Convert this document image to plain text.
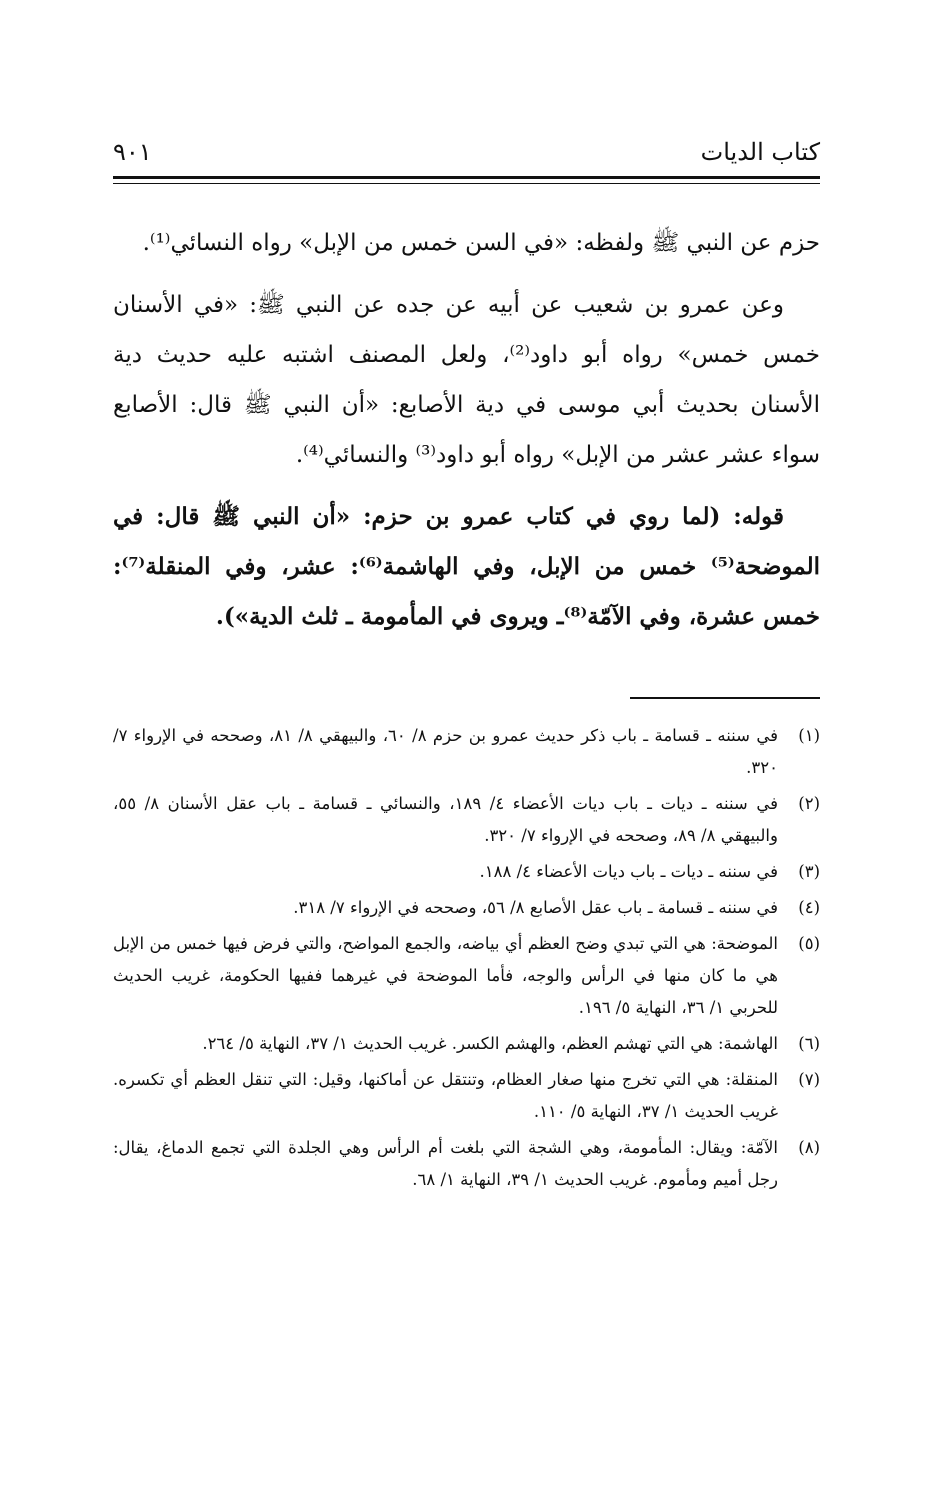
كتاب الديات
٩٠١

حزم عن النبي ﷺ ولفظه: «في السن خمس من الإبل» رواه النسائي⁽¹⁾.

وعن عمرو بن شعيب عن أبيه عن جده عن النبي ﷺ: «في الأسنان خمس خمس» رواه أبو داود⁽²⁾، ولعل المصنف اشتبه عليه حديث دية الأسنان بحديث أبي موسى في دية الأصابع: «أن النبي ﷺ قال: الأصابع سواء عشر عشر من الإبل» رواه أبو داود⁽³⁾ والنسائي⁽⁴⁾.

قوله: (لما روي في كتاب عمرو بن حزم: «أن النبي ﷺ قال: في الموضحة⁽⁵⁾ خمس من الإبل، وفي الهاشمة⁽⁶⁾: عشر، وفي المنقلة⁽⁷⁾: خمس عشرة، وفي الآمّة⁽⁸⁾ـ ويروى في المأمومة ـ ثلث الدية»).

(١)
في سننه ـ قسامة ـ باب ذكر حديث عمرو بن حزم ٨/ ٦٠، والبيهقي ٨/ ٨١، وصححه في الإرواء ٧/ ٣٢٠.
(٢)
في سننه ـ ديات ـ باب ديات الأعضاء ٤/ ١٨٩، والنسائي ـ قسامة ـ باب عقل الأسنان ٨/ ٥٥، والبيهقي ٨/ ٨٩، وصححه في الإرواء ٧/ ٣٢٠.
(٣)
في سننه ـ ديات ـ باب ديات الأعضاء ٤/ ١٨٨.
(٤)
في سننه ـ قسامة ـ باب عقل الأصابع ٨/ ٥٦، وصححه في الإرواء ٧/ ٣١٨.
(٥)
الموضحة: هي التي تبدي وضح العظم أي بياضه، والجمع المواضح، والتي فرض فيها خمس من الإبل هي ما كان منها في الرأس والوجه، فأما الموضحة في غيرهما ففيها الحكومة، غريب الحديث للحربي ١/ ٣٦، النهاية ٥/ ١٩٦.
(٦)
الهاشمة: هي التي تهشم العظم، والهشم الكسر. غريب الحديث ١/ ٣٧، النهاية ٥/ ٢٦٤.
(٧)
المنقلة: هي التي تخرج منها صغار العظام، وتنتقل عن أماكنها، وقيل: التي تنقل العظم أي تكسره. غريب الحديث ١/ ٣٧، النهاية ٥/ ١١٠.
(٨)
الآمّة: ويقال: المأمومة، وهي الشجة التي بلغت أم الرأس وهي الجلدة التي تجمع الدماغ، يقال: رجل أميم ومأموم. غريب الحديث ١/ ٣٩، النهاية ١/ ٦٨.
